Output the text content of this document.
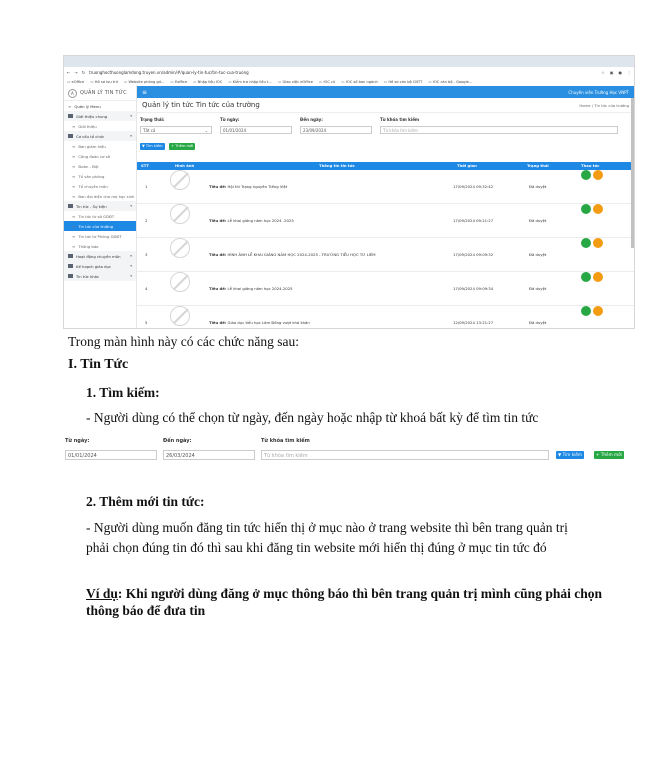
← → ↻ truonghocthuonglamdong.truyen.vn/admin/#/quan-ly-tin-tuc/tin-tuc-cua-truong	☆ ▣ ● ⋮
▭ eOffice ▭ Hồ sơ lưu trữ ▭ Website phòng gd... ▭ Eoffice ▭ Nhập liệu IOC ▭ Kiểm tra nhập liệu t... ▭ Giao việc eOffice ▭ IOC cũ ▭ IOC số ban ngành ▭ Hồ sơ cán bộ CNTT ▭ IOC cán bộ - Google...
A	QUẢN LÝ TIN TỨC
≡ Quản lý Menu
Giới thiệu chung	▾
≡ Giới thiệu
Cơ cấu tổ chức	▾
≡ Ban giám hiệu
≡ Công đoàn cơ sở
≡ Đoàn - Đội
≡ Tổ văn phòng
≡ Tổ chuyên môn
≡ Ban đại diện cha mẹ học sinh
Tin tức - Sự kiện	▾
≡ Tin tức từ sở GDĐT
≡ Tin tức của trường
≡ Tin tức từ Phòng GDĐT
≡ Thông báo
Hoạt động chuyên môn	▾
Kế hoạch giáo dục	▾
Tin tức khác	▾
≡	Chuyên viên Trường Học VNPT
Quản lý tin tức Tin tức của trường	Home / Tin tức của trường
Trạng thái:
Tất cả	⌄
Từ ngày:
01/01/2024
Đến ngày:
23/09/2024
Từ khóa tìm kiếm
Từ khóa tìm kiếm
▼ Tìm kiếm	+ Thêm mới
STT	Hình ảnh	Thông tin tin tức	Thời gian	Trạng thái	Thao tác
1	Tiêu đề: Hội thi Trạng nguyên Tiếng Việt	17/09/2024 09:32:42	Đã duyệt	✎	🗑
2	Tiêu đề: Lễ khai giảng năm học 2024 -2025	17/09/2024 09:21:27	Đã duyệt	✎	🗑
3	Tiêu đề: HÌNH ẢNH LỄ KHAI GIẢNG NĂM HỌC 2024-2025 - TRƯỜNG TIỂU HỌC TỪ LIÊM	17/09/2024 09:09:32	Đã duyệt	✎	🗑
4	Tiêu đề: Lễ khai giảng năm học 2024-2025	17/09/2024 09:09:34	Đã duyệt	✎	🗑
5	Tiêu đề: Giáo dục tiểu học Lâm Đồng vượt khó khăn	12/09/2024 13:21:27	Đã duyệt	✎	🗑
Trong màn hình này có các chức năng sau:
I. Tin Tức
1. Tìm kiếm:
- Người dùng có thể chọn từ ngày, đến ngày hoặc nhập từ khoá bất kỳ để tìm tin tức
Từ ngày:
01/01/2024
Đến ngày:
26/03/2024
Từ khóa tìm kiếm
Từ khóa tìm kiếm	▼ Tìm kiếm	+ Thêm mới
2. Thêm mới tin tức:
- Người dùng muốn đăng tin tức hiển thị ở mục nào ở trang website thì bên trang quản trị phải chọn đúng tin đó thì sau khi đăng tin website mới hiển thị đúng ở mục tin tức đó
Ví dụ: Khi người dùng đăng ở mục thông báo thì bên trang quản trị mình cũng phải chọn thông báo để đưa tin
